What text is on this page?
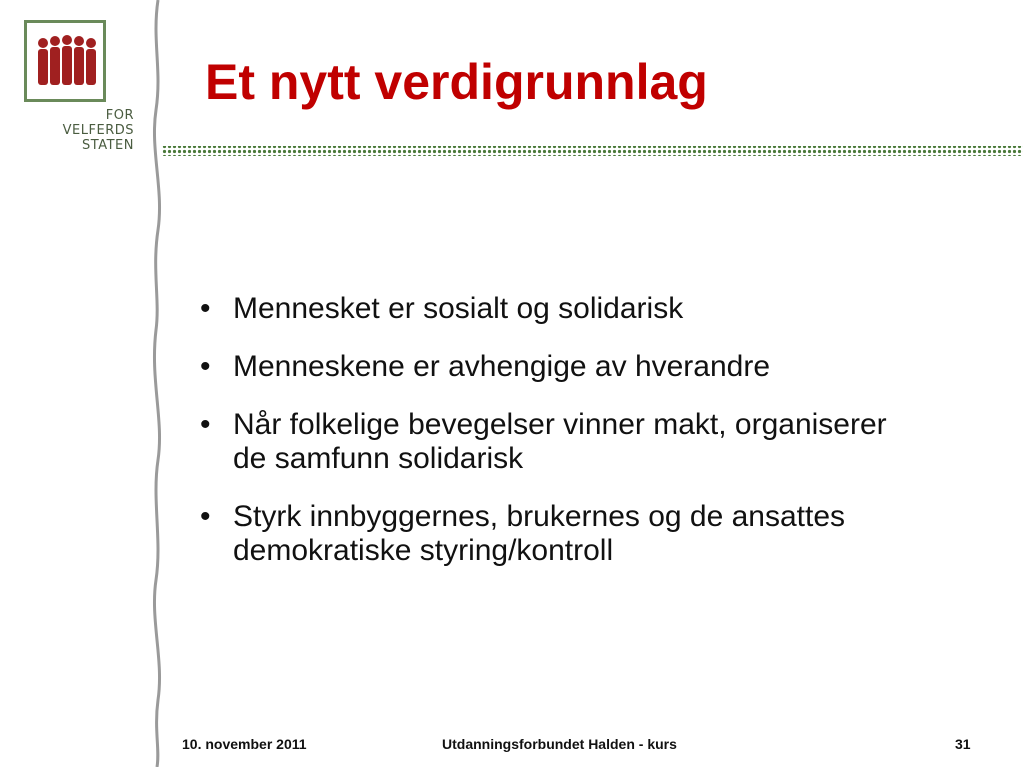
FOR
VELFERDS
STATEN
Et nytt verdigrunnlag
• Mennesket er sosialt og solidarisk
• Menneskene er avhengige av hverandre
• Når folkelige bevegelser vinner makt, organiserer de samfunn solidarisk
• Styrk innbyggernes, brukernes og de ansattes demokratiske styring/kontroll
10. november 2011	Utdanningsforbundet Halden - kurs	31
